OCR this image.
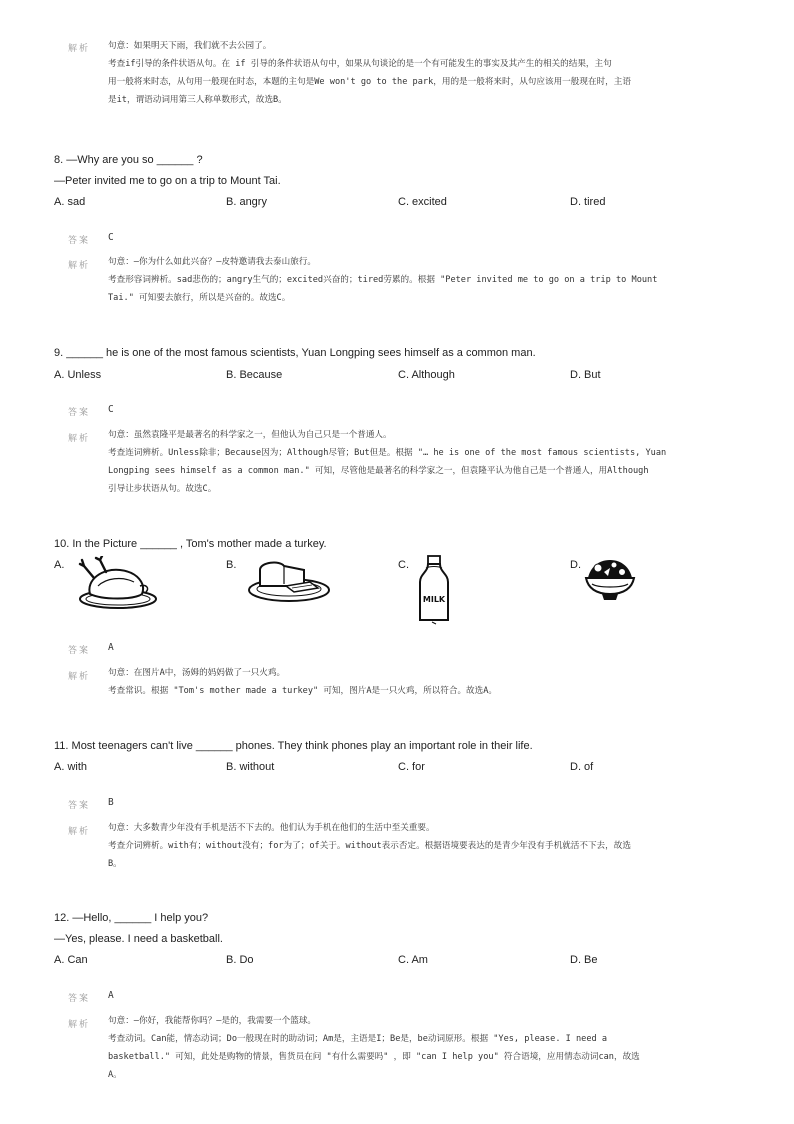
解析 句意：如果明天下雨，我们就不去公园了。
考查if引导的条件状语从句。在 if 引导的条件状语从句中，如果从句谈论的是一个有可能发生的事实及其产生的相关的结果，主句
用一般将来时态，从句用一般现在时态，本题的主句是We won't go to the park，用的是一般将来时，从句应该用一般现在时，主语
是it，谓语动词用第三人称单数形式，故选B。
8. —Why are you so ______ ?
—Peter invited me to go on a trip to Mount Tai.
A. sad	B. angry	C. excited	D. tired
答案 C
解析 句意：—你为什么如此兴奋？—皮特邀请我去泰山旅行。
考查形容词辨析。sad悲伤的；angry生气的；excited兴奋的；tired劳累的。根据 "Peter invited me to go on a trip to Mount
Tai." 可知要去旅行，所以是兴奋的。故选C。
9. ______ he is one of the most famous scientists, Yuan Longping sees himself as a common man.
A. Unless	B. Because	C. Although	D. But
答案 C
解析 句意：虽然袁隆平是最著名的科学家之一，但他认为自己只是一个普通人。
考查连词辨析。Unless除非；Because因为；Although尽管；But但是。根据 "… he is one of the most famous scientists, Yuan
Longping sees himself as a common man." 可知，尽管他是最著名的科学家之一，但袁隆平认为他自己是一个普通人，用Although
引导让步状语从句。故选C。
10. In the Picture ______ , Tom's mother made a turkey.
A.	B.	C.	D.
MILK
答案 A
解析 句意：在图片A中，汤姆的妈妈做了一只火鸡。
考查常识。根据 "Tom's mother made a turkey" 可知，图片A是一只火鸡，所以符合。故选A。
11. Most teenagers can't live ______ phones. They think phones play an important role in their life.
A. with	B. without	C. for	D. of
答案 B
解析 句意：大多数青少年没有手机是活不下去的。他们认为手机在他们的生活中至关重要。
考查介词辨析。with有；without没有；for为了；of关于。without表示否定。根据语境要表达的是青少年没有手机就活不下去，故选
B。
12. —Hello, ______ I help you?
—Yes, please. I need a basketball.
A. Can	B. Do	C. Am	D. Be
答案 A
解析 句意：—你好，我能帮你吗？—是的，我需要一个篮球。
考查动词。Can能，情态动词；Do一般现在时的助动词；Am是，主语是I；Be是，be动词原形。根据 "Yes, please. I need a
basketball." 可知，此处是购物的情景，售货员在问 "有什么需要吗" ，即 "can I help you" 符合语境，应用情态动词can，故选
A。
